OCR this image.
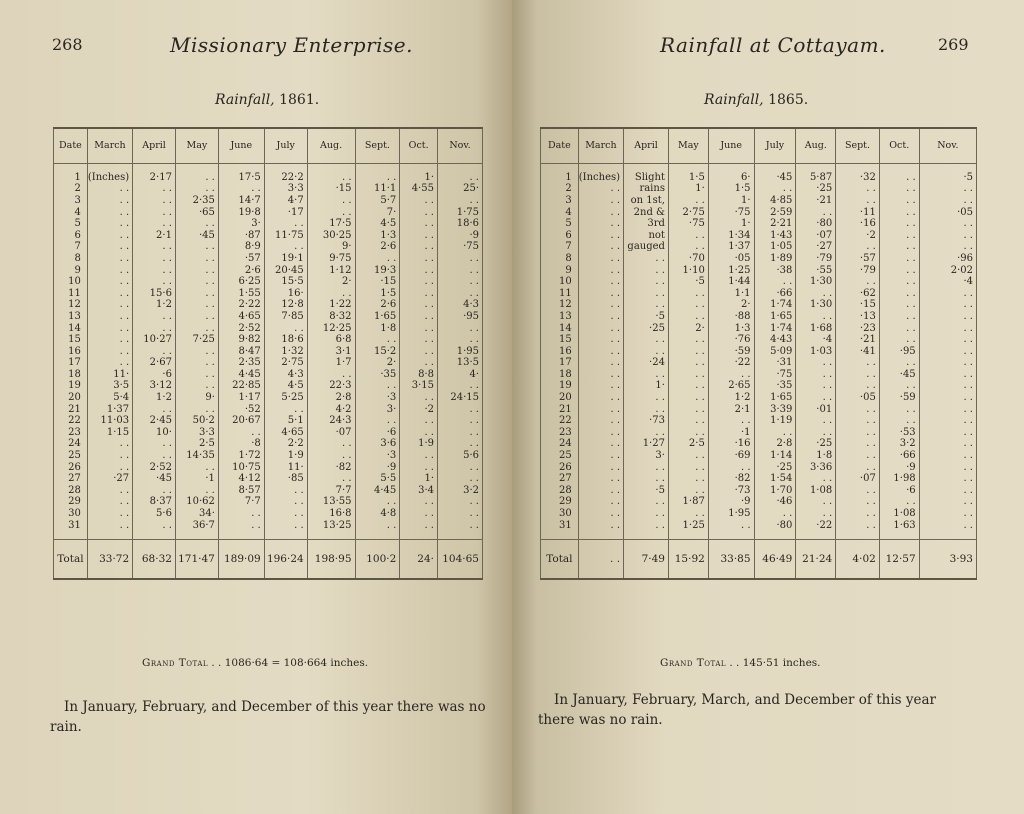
268	Missionary Enterprise.
Rainfall, 1861.
Date	March	April	May	June	July	Aug.	Sept.	Oct.	Nov.
1	(Inches)	2·17	. .	17·5	22·2	. .	. .	1·	. .
2	. .	. .	. .	. .	3·3	·15	11·1	4·55	25·
3	. .	. .	2·35	14·7	4·7	. .	5·7	. .	. .
4	. .	. .	·65	19·8	·17	. .	7·	. .	1·75
5	. .	. .	. .	3·	. .	17·5	4·5	. .	18·6
6	. .	2·1	·45	·87	11·75	30·25	1·3	. .	·9
7	. .	. .	. .	8·9	. .	9·	2·6	. .	·75
8	. .	. .	. .	·57	19·1	9·75	. .	. .	. .
9	. .	. .	. .	2·6	20·45	1·12	19·3	. .	. .
10	. .	. .	. .	6·25	15·5	2·	·15	. .	. .
11	. .	15·6	. .	1·55	16·	. .	1·5	. .	. .
12	. .	1·2	. .	2·22	12·8	1·22	2·6	. .	4·3
13	. .	. .	. .	4·65	7·85	8·32	1·65	. .	·95
14	. .	. .	. .	2·52	. .	12·25	1·8	. .	. .
15	. .	10·27	7·25	9·82	18·6	6·8	. .	. .	. .
16	. .	. .	. .	8·47	1·32	3·1	15·2	. .	1·95
17	. .	2·67	. .	2·35	2·75	1·7	2·	. .	13·5
18	11·	·6	. .	4·45	4·3	. .	·35	8·8	4·
19	3·5	3·12	. .	22·85	4·5	22·3	. .	3·15	. .
20	5·4	1·2	9·	1·17	5·25	2·8	·3	. .	24·15
21	1·37	. .	. .	·52	. .	4·2	3·	·2	. .
22	11·03	2·45	50·2	20·67	5·1	24·3	. .	. .	. .
23	1·15	10·	3·3	. .	4·65	·07	·6	. .	. .
24	. .	. .	2·5	·8	2·2	. .	3·6	1·9	. .
25	. .	. .	14·35	1·72	1·9	. .	·3	. .	5·6
26	. .	2·52	. .	10·75	11·	·82	·9	. .	. .
27	·27	·45	·1	4·12	·85	. .	5·5	1·	. .
28	. .	. .	. .	8·57	. .	7·7	4·45	3·4	3·2
29	. .	8·37	10·62	7·7	. .	13·55	. .	. .	. .
30	. .	5·6	34·	. .	. .	16·8	4·8	. .	. .
31	. .	. .	36·7	. .	. .	13·25	. .	. .	. .
Total	33·72	68·32	171·47	189·09	196·24	198·95	100·2	24·	104·65
Grand Total . . 1086·64 = 108·664 inches.
In January, February, and December of this year there was no rain.
Rainfall at Cottayam.	269
Rainfall, 1865.
Date	March	April	May	June	July	Aug.	Sept.	Oct.	Nov.
1	(Inches)	Slight	1·5	6·	·45	5·87	·32	. .	·5
2	. .	rains	1·	1·5	. .	·25	. .	. .	. .
3	. .	on 1st,	. .	1·	4·85	·21	. .	. .	. .
4	. .	2nd &	2·75	·75	2·59	. .	·11	. .	·05
5	. .	3rd	·75	1·	2·21	·80	·16	. .	. .
6	. .	not	. .	1·34	1·43	·07	·2	. .	. .
7	. .	gauged	. .	1·37	1·05	·27	. .	. .	. .
8	. .	. .	·70	·05	1·89	·79	·57	. .	·96
9	. .	. .	1·10	1·25	·38	·55	·79	. .	2·02
10	. .	. .	·5	1·44	. .	1·30	. .	. .	·4
11	. .	. .	. .	1·1	·66	. .	·62	. .	. .
12	. .	. .	. .	2·	1·74	1·30	·15	. .	. .
13	. .	·5	. .	·88	1·65	. .	·13	. .	. .
14	. .	·25	2·	1·3	1·74	1·68	·23	. .	. .
15	. .	. .	. .	·76	4·43	·4	·21	. .	. .
16	. .	. .	. .	·59	5·09	1·03	·41	·95	. .
17	. .	·24	. .	·22	·31	. .	. .	. .	. .
18	. .	. .	. .	. .	·75	. .	. .	·45	. .
19	. .	1·	. .	2·65	·35	. .	. .	. .	. .
20	. .	. .	. .	1·2	1·65	. .	·05	·59	. .
21	. .	. .	. .	2·1	3·39	·01	. .	. .	. .
22	. .	·73	. .	. .	1·19	. .	. .	. .	. .
23	. .	. .	. .	·1	. .	. .	. .	·53	. .
24	. .	1·27	2·5	·16	2·8	·25	. .	3·2	. .
25	. .	3·	. .	·69	1·14	1·8	. .	·66	. .
26	. .	. .	. .	. .	·25	3·36	. .	·9	. .
27	. .	. .	. .	·82	1·54	. .	·07	1·98	. .
28	. .	·5	. .	·73	1·70	1·08	. .	·6	. .
29	. .	. .	1·87	·9	·46	. .	. .	. .	. .
30	. .	. .	. .	1·95	. .	. .	. .	1·08	. .
31	. .	. .	1·25	. .	·80	·22	. .	1·63	. .
Total	. .	7·49	15·92	33·85	46·49	21·24	4·02	12·57	3·93
Grand Total . . 145·51 inches.
In January, February, March, and December of this year there was no rain.
